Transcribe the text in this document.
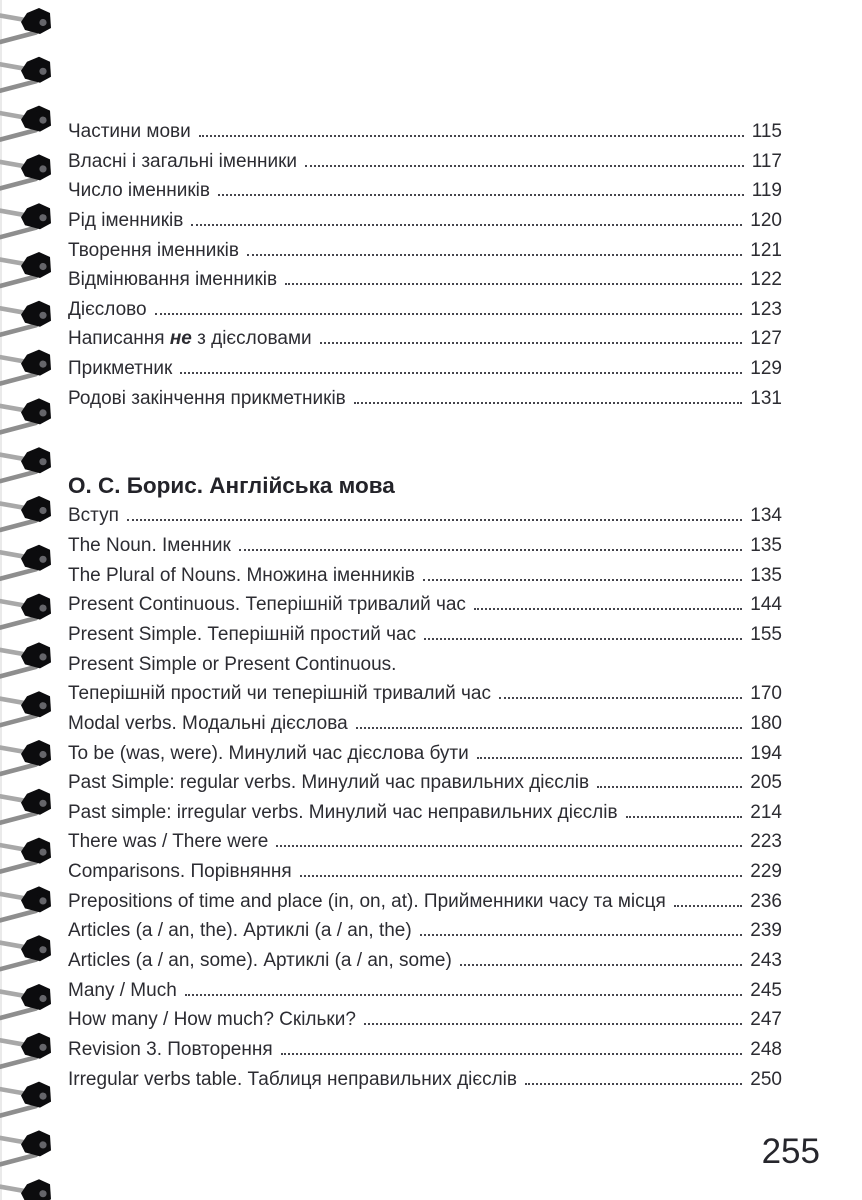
Частини мови	115
Власні і загальні іменники	117
Число іменників	119
Рід іменників	120
Творення іменників	121
Відмінювання іменників	122
Дієслово	123
Написання не з дієсловами	127
Прикметник	129
Родові закінчення прикметників	131
О. С. Борис. Англійська мова
Вступ	134
The Noun. Іменник	135
The Plural of Nouns. Множина іменників	135
Present Continuous. Теперішній тривалий час	144
Present Simple. Теперішній простий час	155
Present Simple or Present Continuous.
Теперішній простий чи теперішній тривалий час	170
Modal verbs. Модальні дієслова	180
To be (was, were). Минулий час дієслова бути	194
Past Simple: regular verbs. Минулий час правильних дієслів	205
Past simple: irregular verbs. Минулий час неправильних дієслів	214
There was / There were	223
Comparisons. Порівняння	229
Prepositions of time and place (in, on, at). Прийменники часу та місця	236
Articles (a / an, the). Артиклі (a / an, the)	239
Articles (a / an, some). Артиклі (a / an, some)	243
Many / Much	245
How many / How much? Скільки?	247
Revision 3. Повторення	248
Irregular verbs table. Таблиця неправильних дієслів	250
255
